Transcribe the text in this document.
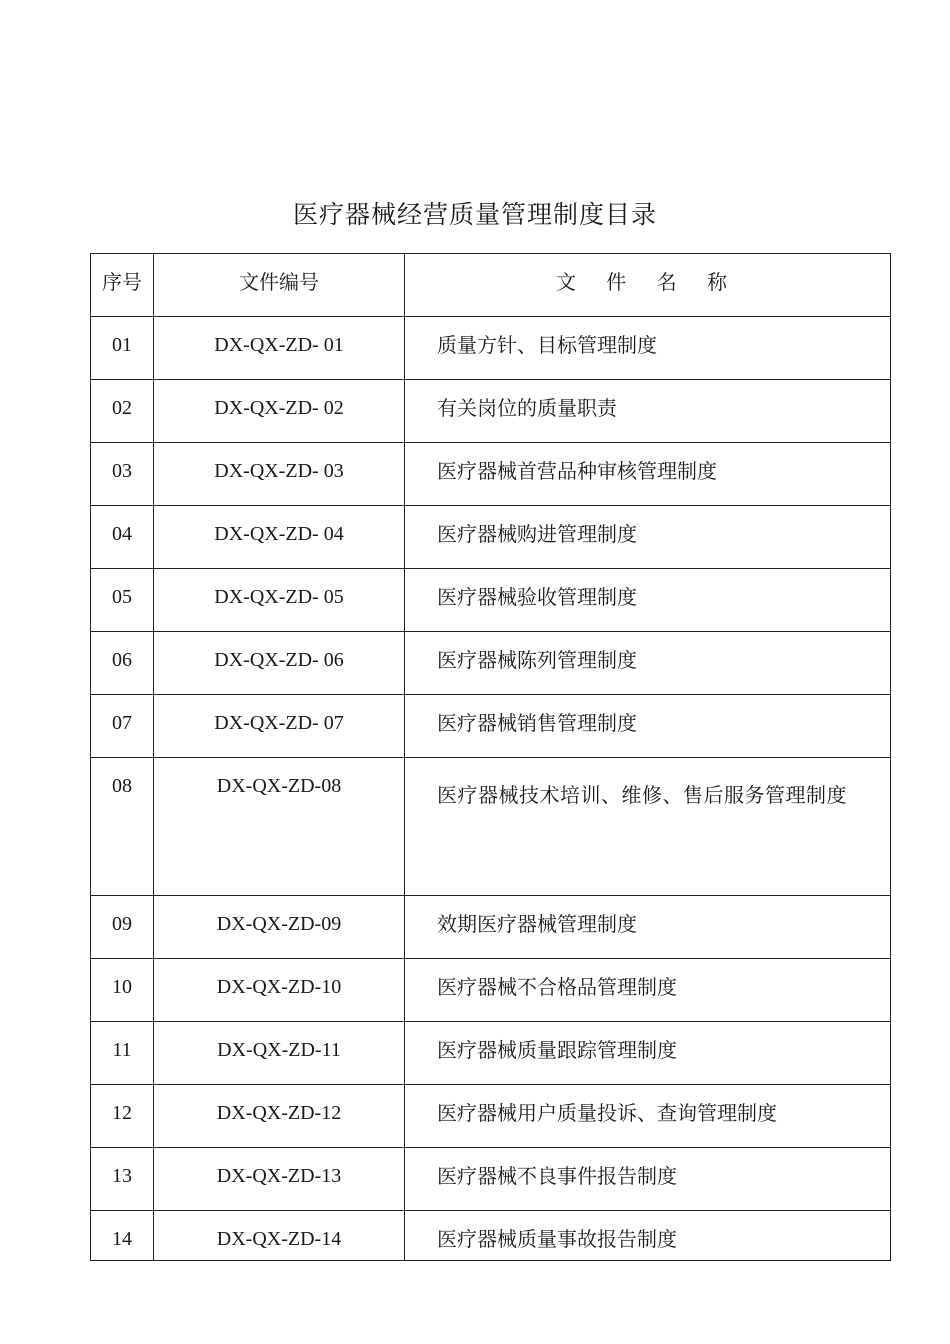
医疗器械经营质量管理制度目录
序号	文件编号	文 件 名 称
01	DX-QX-ZD- 01	质量方针、目标管理制度
02	DX-QX-ZD- 02	有关岗位的质量职责
03	DX-QX-ZD- 03	医疗器械首营品种审核管理制度
04	DX-QX-ZD- 04	医疗器械购进管理制度
05	DX-QX-ZD- 05	医疗器械验收管理制度
06	DX-QX-ZD- 06	医疗器械陈列管理制度
07	DX-QX-ZD- 07	医疗器械销售管理制度
08	DX-QX-ZD-08	医疗器械技术培训、维修、售后服务管理制度
09	DX-QX-ZD-09	效期医疗器械管理制度
10	DX-QX-ZD-10	医疗器械不合格品管理制度
11	DX-QX-ZD-11	医疗器械质量跟踪管理制度
12	DX-QX-ZD-12	医疗器械用户质量投诉、查询管理制度
13	DX-QX-ZD-13	医疗器械不良事件报告制度
14	DX-QX-ZD-14	医疗器械质量事故报告制度
